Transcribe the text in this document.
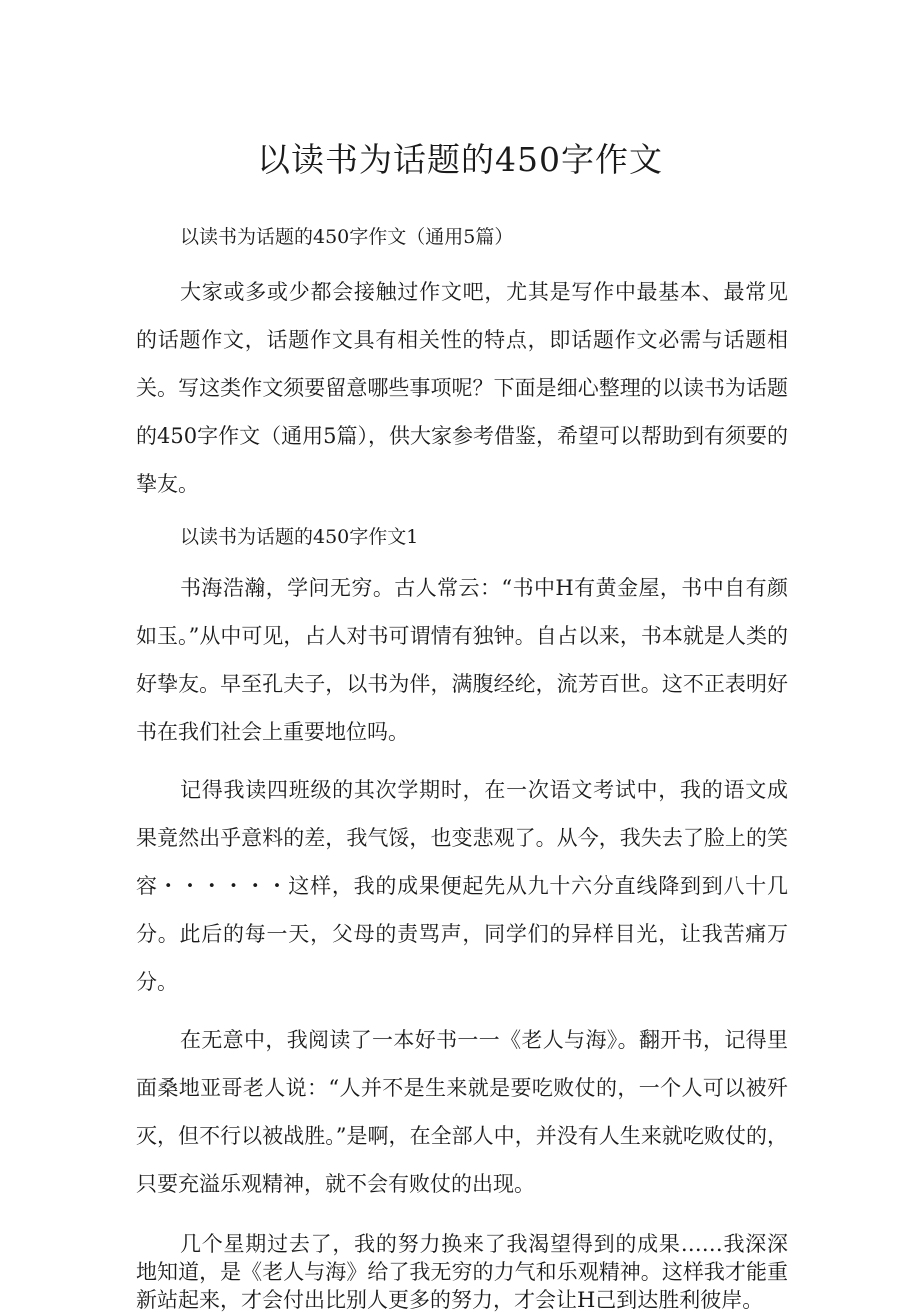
以读书为话题的450字作文

以读书为话题的450字作文（通用5篇）

大家或多或少都会接触过作文吧，尤其是写作中最基本、最常见的话题作文，话题作文具有相关性的特点，即话题作文必需与话题相关。写这类作文须要留意哪些事项呢？下面是细心整理的以读书为话题的450字作文（通用5篇），供大家参考借鉴，希望可以帮助到有须要的挚友。

以读书为话题的450字作文1

书海浩瀚，学问无穷。古人常云：“书中H有黄金屋，书中自有颜如玉。”从中可见，占人对书可谓情有独钟。自占以来，书本就是人类的好挚友。早至孔夫子，以书为伴，满腹经纶，流芳百世。这不正表明好书在我们社会上重要地位吗。

记得我读四班级的其次学期时，在一次语文考试中，我的语文成果竟然出乎意料的差，我气馁，也变悲观了。从今，我失去了脸上的笑容・・・・・・这样，我的成果便起先从九十六分直线降到到八十几分。此后的每一天，父母的责骂声，同学们的异样目光，让我苦痛万分。

在无意中，我阅读了一本好书一一《老人与海》。翻开书，记得里面桑地亚哥老人说：“人并不是生来就是要吃败仗的，一个人可以被歼灭，但不行以被战胜。”是啊，在全部人中，并没有人生来就吃败仗的，只要充溢乐观精神，就不会有败仗的出现。

几个星期过去了，我的努力换来了我渴望得到的成果……我深深地知道，是《老人与海》给了我无穷的力气和乐观精神。这样我才能重新站起来，才会付出比别人更多的努力，才会让H己到达胜利彼岸。
